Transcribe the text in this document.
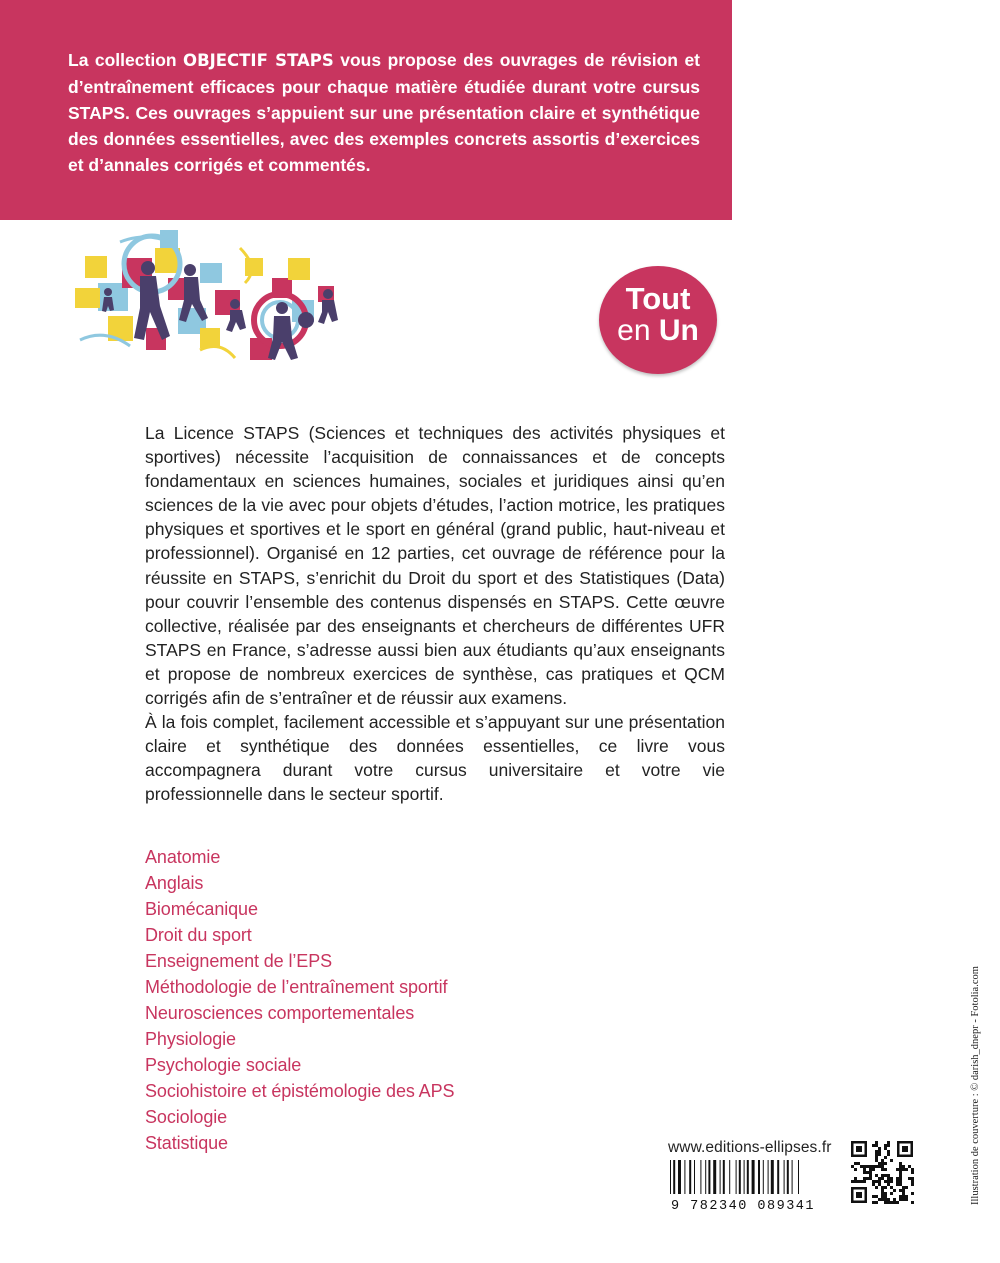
La collection OBJECTIF STAPS vous propose des ouvrages de révision et d’entraînement efficaces pour chaque matière étudiée durant votre cursus STAPS. Ces ouvrages s’appuient sur une présentation claire et synthétique des données essentielles, avec des exemples concrets assortis d’exercices et d’annales corrigés et commentés.

Tout
en Un

La Licence STAPS (Sciences et techniques des activités physiques et sportives) nécessite l’acquisition de connaissances et de concepts fondamentaux en sciences humaines, sociales et juridiques ainsi qu’en sciences de la vie avec pour objets d’études, l’action motrice, les pratiques physiques et sportives et le sport en général (grand public, haut-niveau et professionnel). Organisé en 12 parties, cet ouvrage de référence pour la réussite en STAPS, s’enrichit du Droit du sport et des Statistiques (Data) pour couvrir l’ensemble des contenus dispensés en STAPS. Cette œuvre collective, réalisée par des enseignants et chercheurs de différentes UFR STAPS en France, s’adresse aussi bien aux étudiants qu’aux enseignants et propose de nombreux exercices de synthèse, cas pratiques et QCM corrigés afin de s’entraîner et de réussir aux examens.

À la fois complet, facilement accessible et s’appuyant sur une présentation claire et synthétique des données essentielles, ce livre vous accompagnera durant votre cursus universitaire et votre vie professionnelle dans le secteur sportif.

Anatomie
Anglais
Biomécanique
Droit du sport
Enseignement de l’EPS
Méthodologie de l’entraînement sportif
Neurosciences comportementales
Physiologie
Psychologie sociale
Sociohistoire et épistémologie des APS
Sociologie
Statistique	www.editions-ellipses.fr
9 782340 089341
Illustration de couverture : © darish_dnepr - Fotolia.com
